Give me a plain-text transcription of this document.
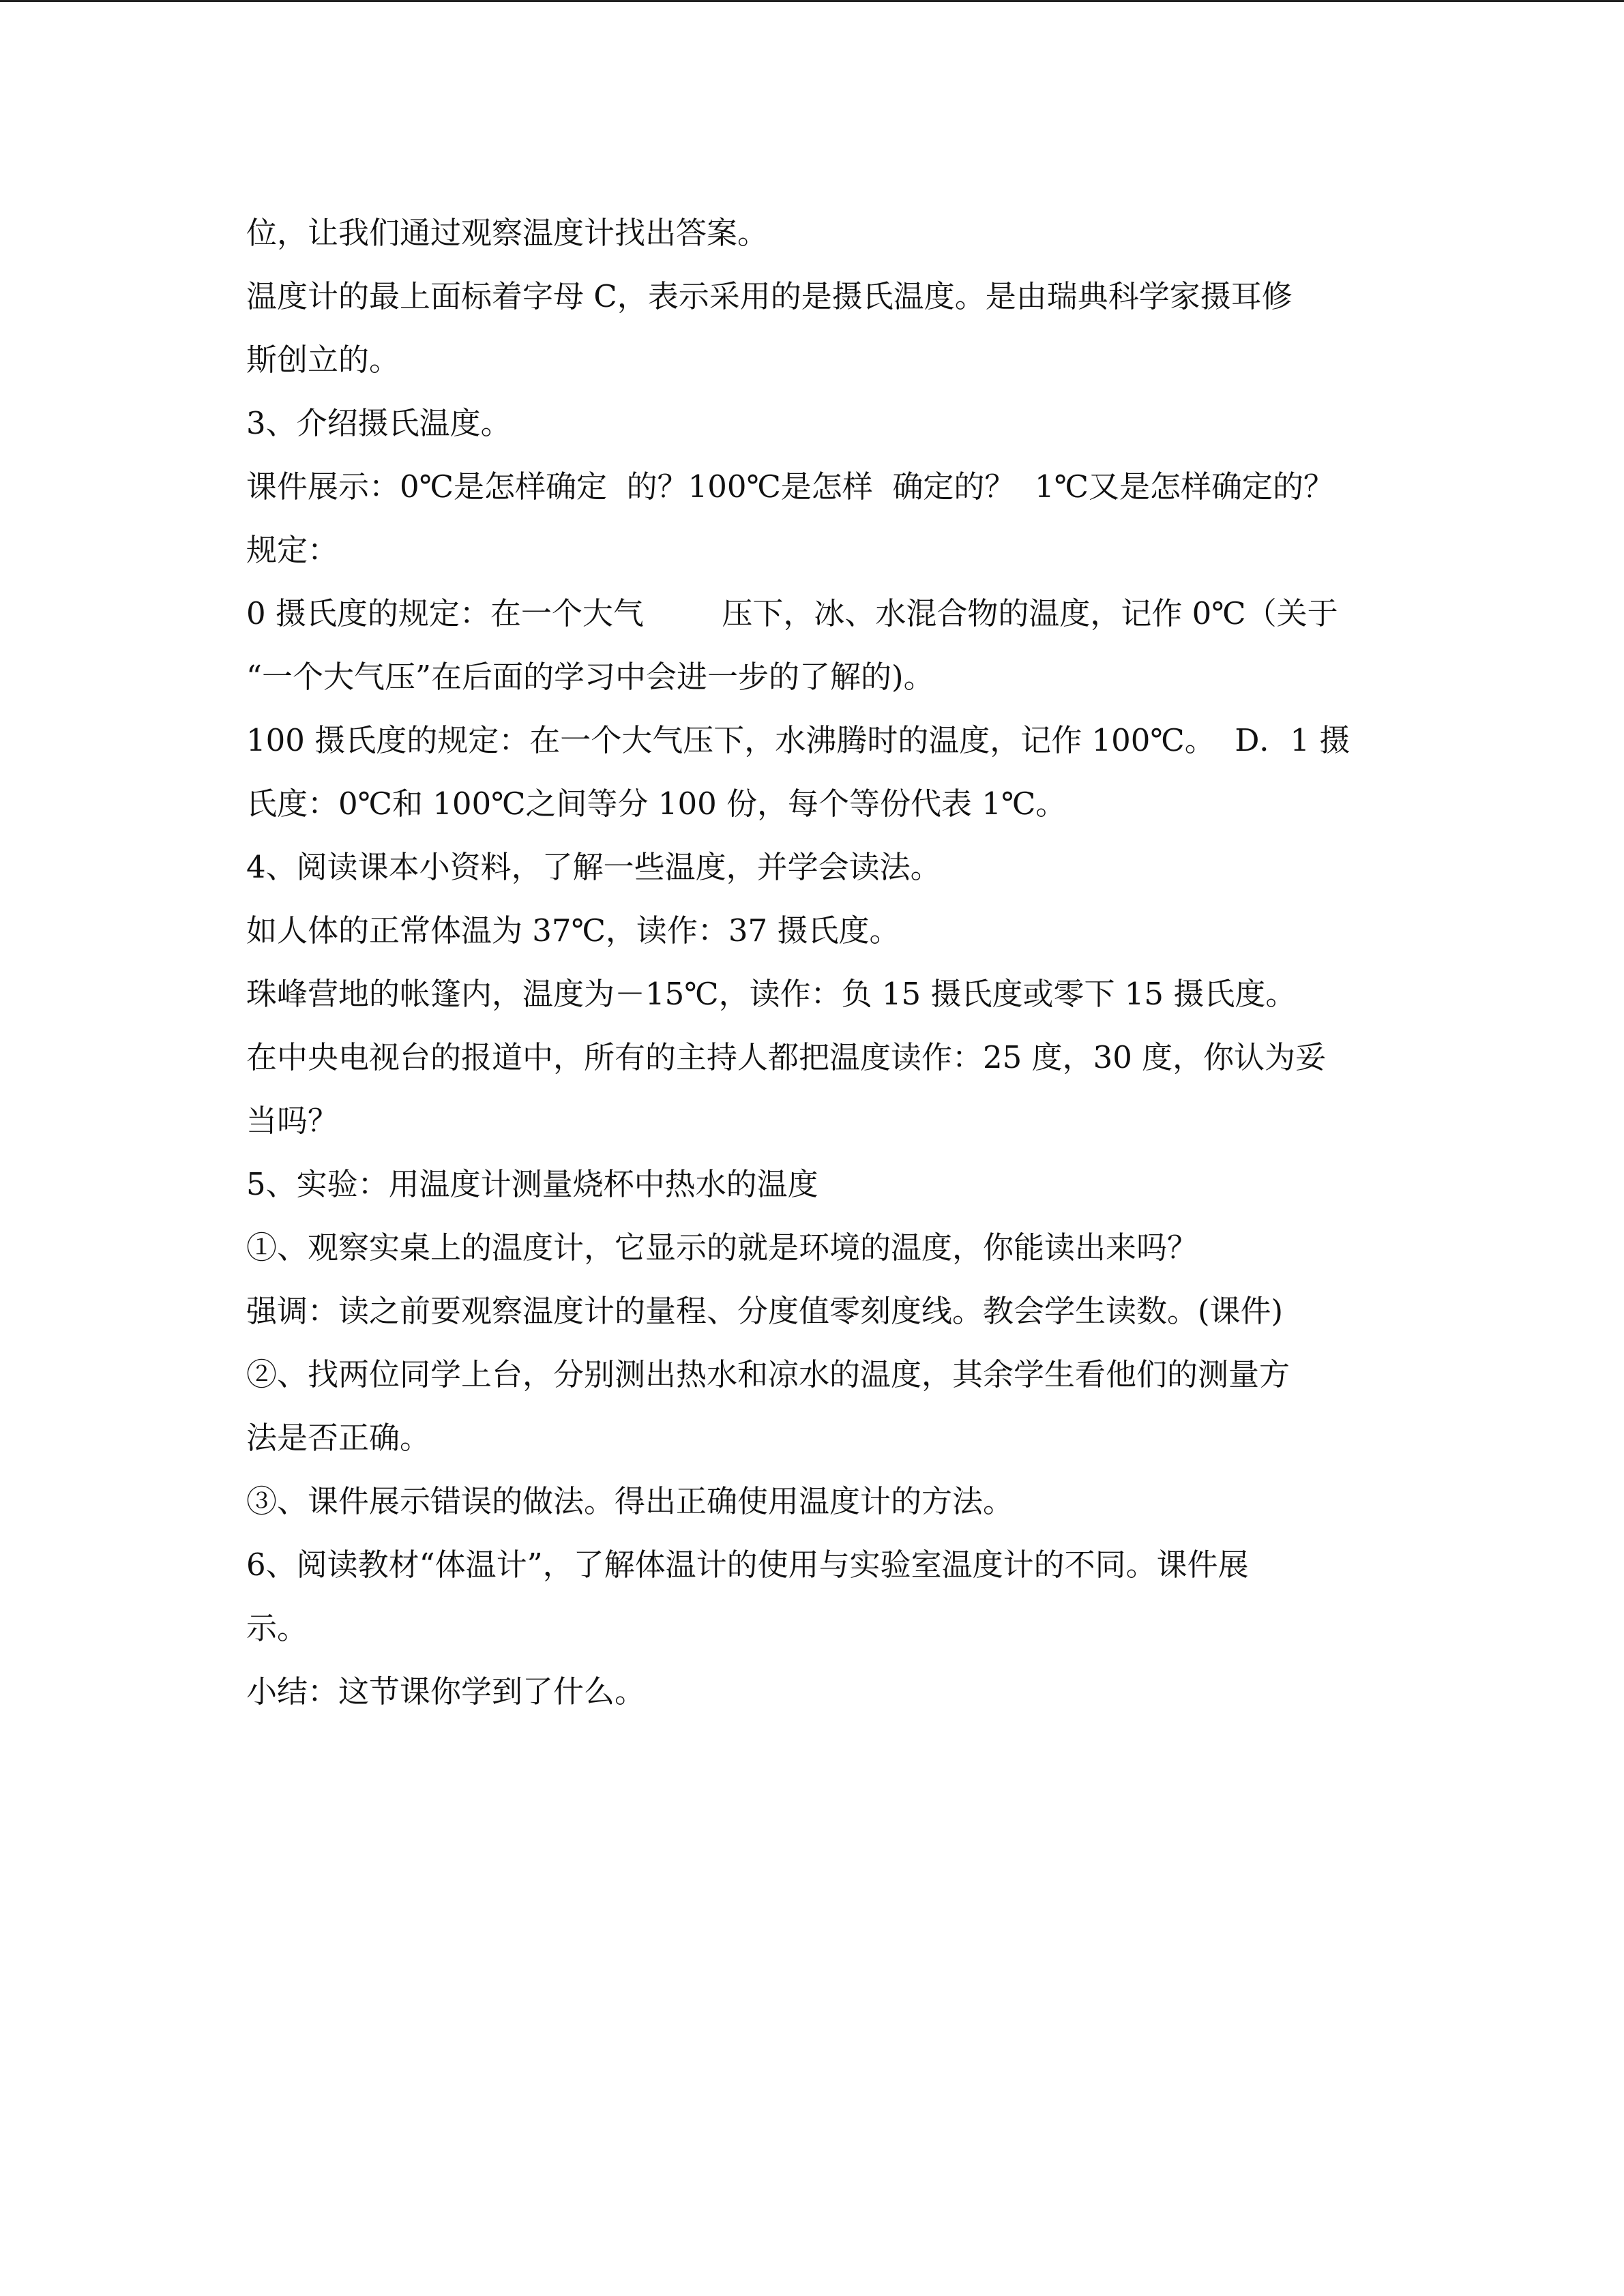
位，让我们通过观察温度计找出答案。
温度计的最上面标着字母 C，表示采用的是摄氏温度。是由瑞典科学家摄耳修
斯创立的。
3、介绍摄氏温度。
课件展示：0℃是怎样确定  的？100℃是怎样  确定的？  1℃又是怎样确定的？
规定：
0 摄氏度的规定：在一个大气        压下，冰、水混合物的温度，记作 0℃（关于
“一个大气压”在后面的学习中会进一步的了解的)。
100 摄氏度的规定：在一个大气压下，水沸腾时的温度，记作 100℃。  D．1 摄
氏度：0℃和 100℃之间等分 100 份，每个等份代表 1℃。
4、阅读课本小资料，了解一些温度，并学会读法。
如人体的正常体温为 37℃，读作：37 摄氏度。
珠峰营地的帐篷内，温度为－15℃，读作：负 15 摄氏度或零下 15 摄氏度。
在中央电视台的报道中，所有的主持人都把温度读作：25 度，30 度，你认为妥
当吗？
5、实验：用温度计测量烧杯中热水的温度
①、观察实桌上的温度计，它显示的就是环境的温度，你能读出来吗？
强调：读之前要观察温度计的量程、分度值零刻度线。教会学生读数。(课件)
②、找两位同学上台，分别测出热水和凉水的温度，其余学生看他们的测量方
法是否正确。
③、课件展示错误的做法。得出正确使用温度计的方法。
6、阅读教材“体温计”，了解体温计的使用与实验室温度计的不同。课件展
示。
小结：这节课你学到了什么。
